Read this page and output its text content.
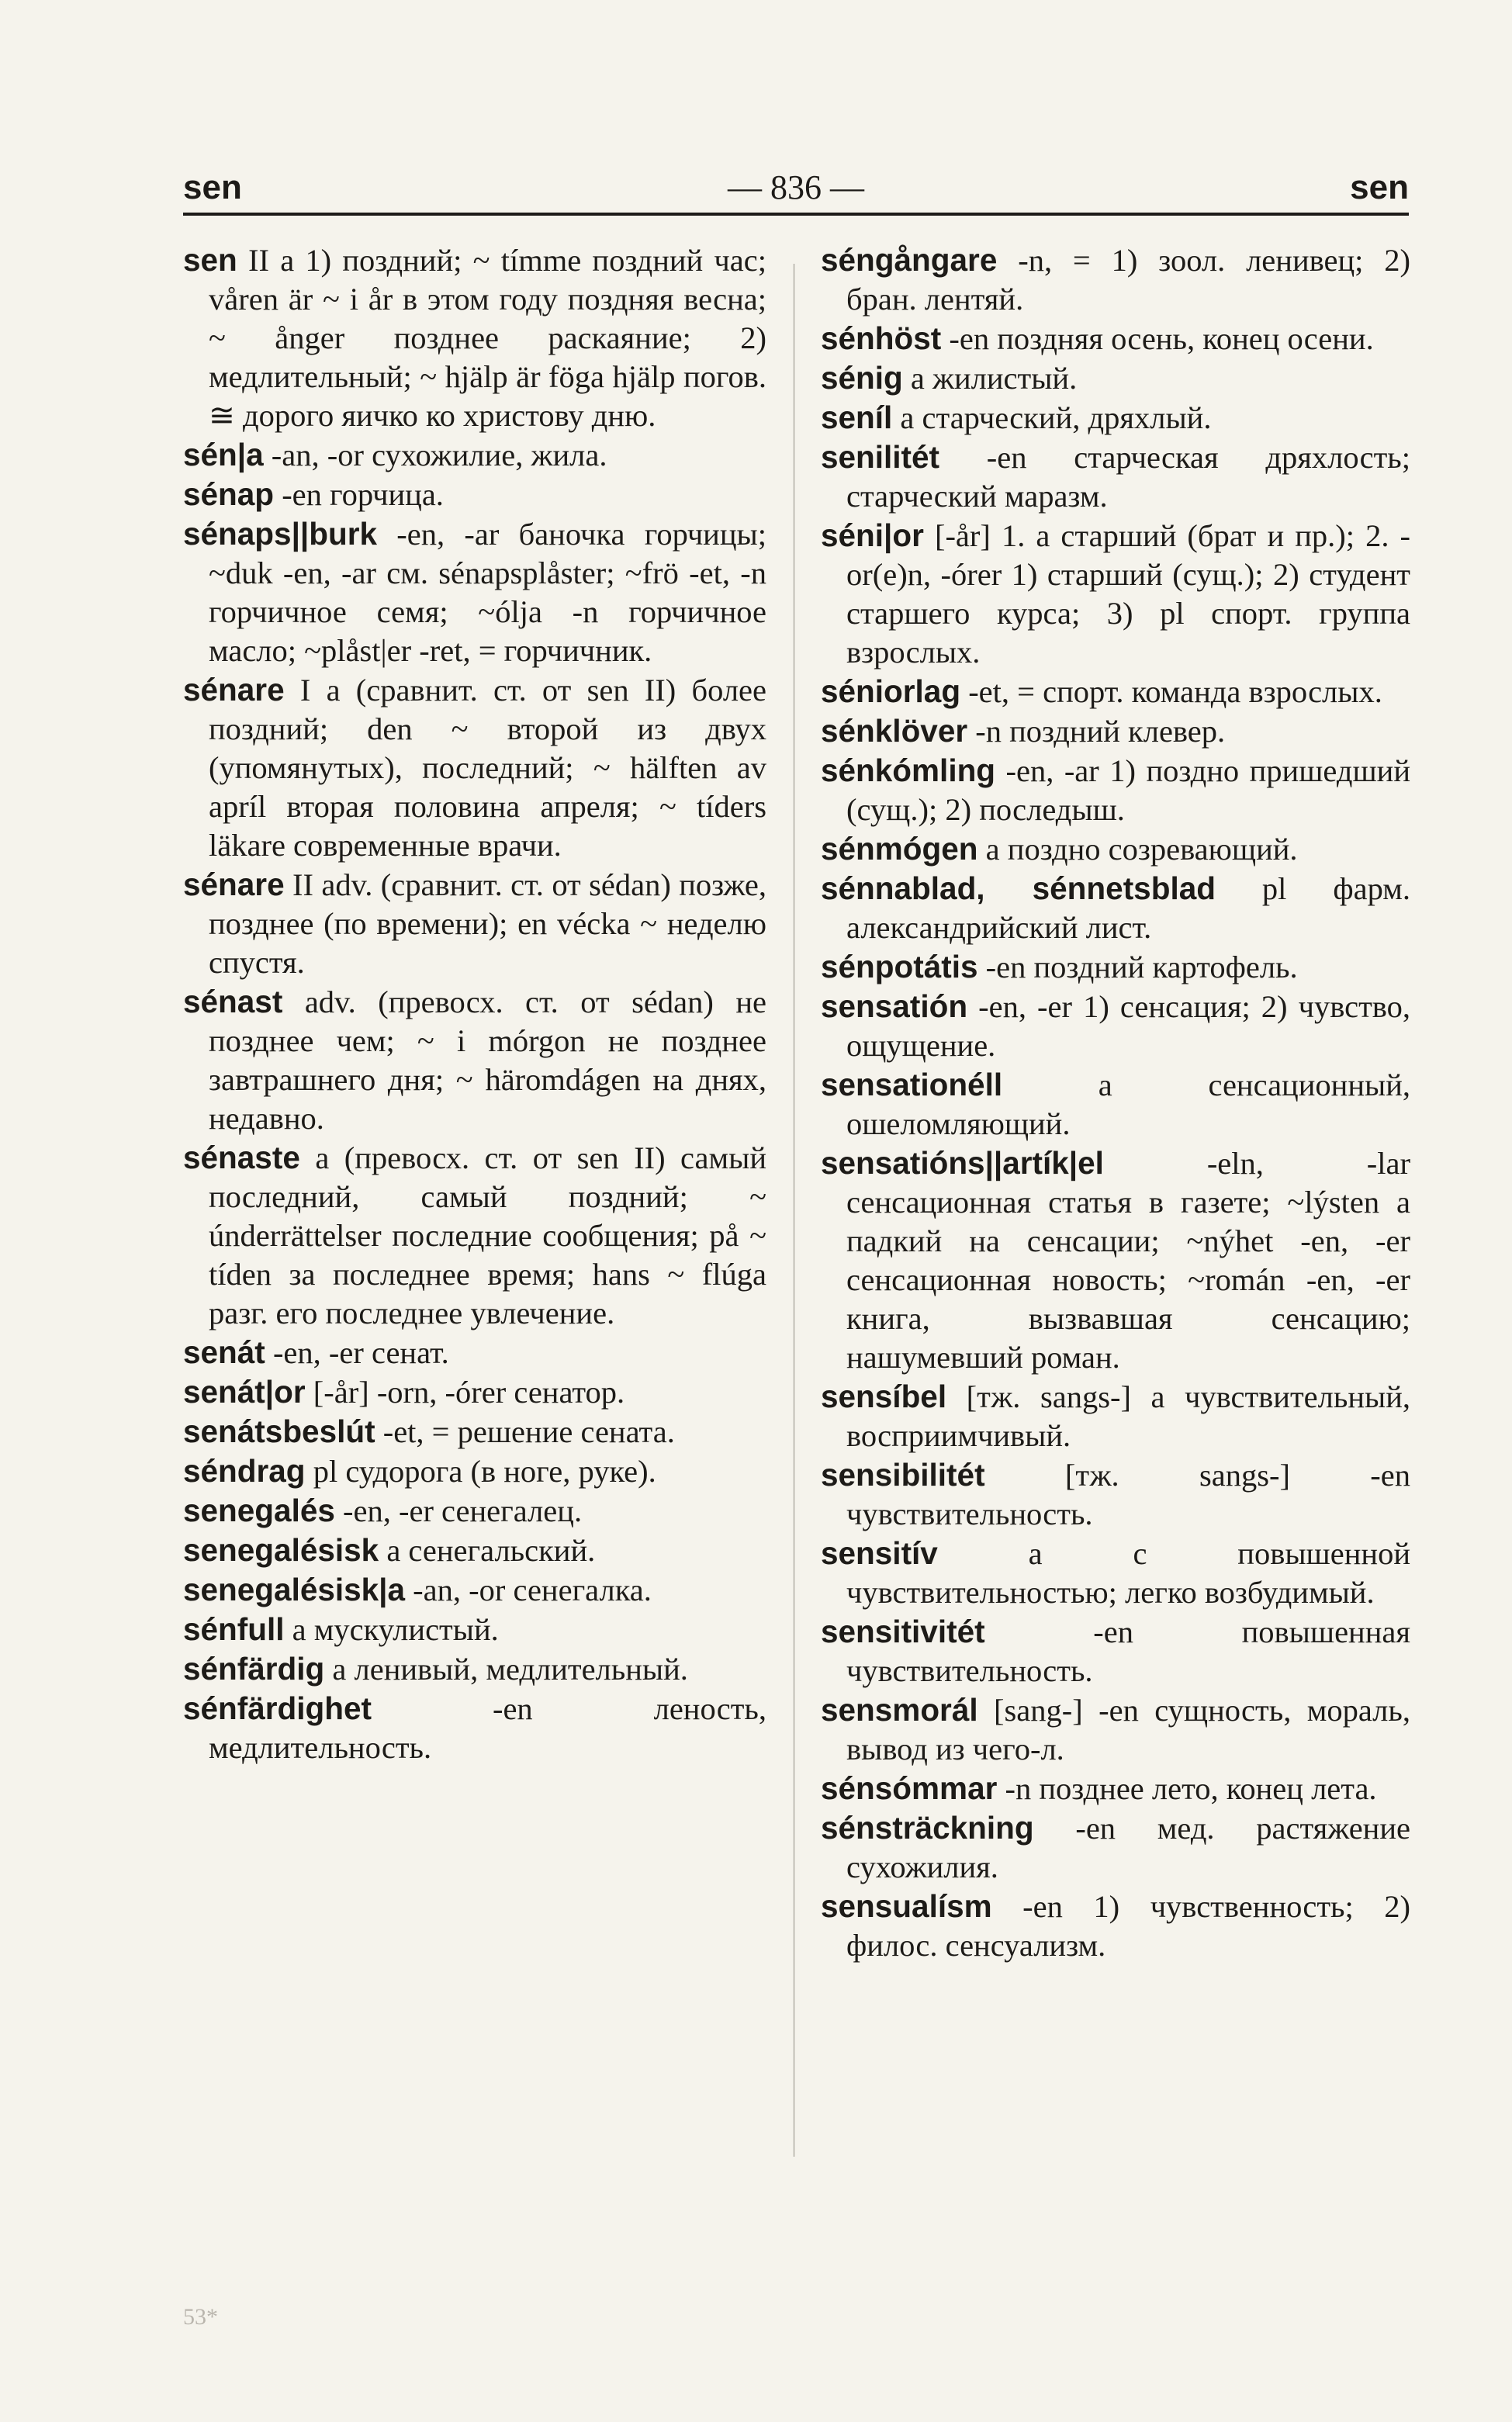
sen	— 836 —	sen

sen II a 1) поздний; ~ tímme поздний час; våren är ~ i år в этом году поздняя весна; ~ ånger позднее раскаяние; 2) медлительный; ~ hjälp är föga hjälp погов. ≅ дорого яичко ко христову дню.

sén|a -an, -or сухожилие, жила.

sénap -en горчица.

sénaps||burk -en, -ar баночка горчицы; ~duk -en, -ar см. sénapsplåster; ~frö -et, -n горчичное семя; ~ólja -n горчичное масло; ~plåst|er -ret, = горчичник.

sénare I a (сравнит. ст. от sen II) более поздний; den ~ второй из двух (упомянутых), последний; ~ hälften av apríl вторая половина апреля; ~ tíders läkare современные врачи.

sénare II adv. (сравнит. ст. от sédan) позже, позднее (по времени); en vécka ~ неделю спустя.

sénast adv. (превосх. ст. от sédan) не позднее чем; ~ i mórgon не позднее завтрашнего дня; ~ häromdágen на днях, недавно.

sénaste a (превосх. ст. от sen II) самый последний, самый поздний; ~ únderrättelser последние сообщения; på ~ tíden за последнее время; hans ~ flúga разг. его последнее увлечение.

senát -en, -er сенат.

senát|or [-år] -orn, -órer сенатор.

senátsbeslút -et, = решение сената.

séndrag pl судорога (в ноге, руке).

senegalés -en, -er сенегалец.

senegalésisk a сенегальский.

senegalésisk|a -an, -or сенегалка.

sénfull a мускулистый.

sénfärdig a ленивый, медлительный.

sénfärdighet	-en леность, медлительность.

séngångare -n, = 1) зоол. ленивец; 2) бран. лентяй.

sénhöst -en поздняя осень, конец осени.

sénig a жилистый.

seníl a старческий, дряхлый.

senilitét -en старческая дряхлость; старческий маразм.

séni|or [-år] 1. a старший (брат и пр.); 2. -or(e)n, -órer 1) старший (сущ.); 2) студент старшего курса; 3) pl спорт. группа взрослых.

séniorlag -et, = спорт. команда взрослых.

sénklöver -n поздний клевер.

sénkómling -en, -ar 1) поздно пришедший (сущ.); 2) последыш.

sénmógen a поздно созревающий.

sénnablad, sénnetsblad pl фарм. александрийский лист.

sénpotátis -en поздний картофель.

sensatión -en, -er 1) сенсация; 2) чувство, ощущение.

sensationéll	a сенсационный, ошеломляющий.

sensatións||artík|el	-eln, -lar сенсационная статья в газете; ~lýsten a падкий на сенсации; ~nýhet -en, -er сенсационная новость; ~román -en, -er книга, вызвавшая сенсацию; нашумевший роман.

sensíbel [тж. sangs-] a чувствительный, восприимчивый.

sensibilitét	[тж. sangs-] -en чувствительность.

sensitív	a с повышенной чувствительностью; легко возбудимый.

sensitivitét	-en повышенная чувствительность.

sensmorál [sang-] -en сущность, мораль, вывод из чего-л.

sénsómmar -n позднее лето, конец лета.

sénsträckning -en мед. растяжение сухожилия.

sensualísm -en 1) чувственность; 2) филос. сенсуализм.

53*
